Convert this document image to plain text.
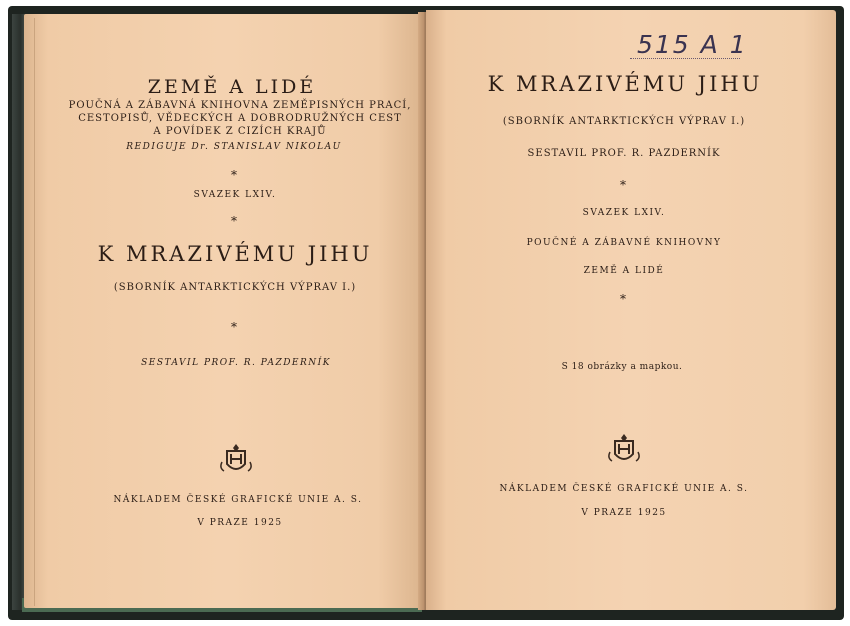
ZEMĚ A LIDÉ
POUČNÁ A ZÁBAVNÁ KNIHOVNA ZEMĚPISNÝCH PRACÍ,
CESTOPISŮ, VĚDECKÝCH A DOBRODRUŽNÝCH CEST
A POVÍDEK Z CIZÍCH KRAJŮ
REDIGUJE Dr. STANISLAV NIKOLAU
*
SVAZEK LXIV.
*
K MRAZIVÉMU JIHU
(SBORNÍK ANTARKTICKÝCH VÝPRAV I.)
*
SESTAVIL PROF. R. PAZDERNÍK
NÁKLADEM ČESKÉ GRAFICKÉ UNIE A. S.
V PRAZE 1925
515 A 1
K MRAZIVÉMU JIHU
(SBORNÍK ANTARKTICKÝCH VÝPRAV I.)
SESTAVIL PROF. R. PAZDERNÍK
*
SVAZEK LXIV.
POUČNÉ A ZÁBAVNÉ KNIHOVNY
ZEMĚ A LIDÉ
*
S 18 obrázky a mapkou.
NÁKLADEM ČESKÉ GRAFICKÉ UNIE A. S.
V PRAZE 1925
